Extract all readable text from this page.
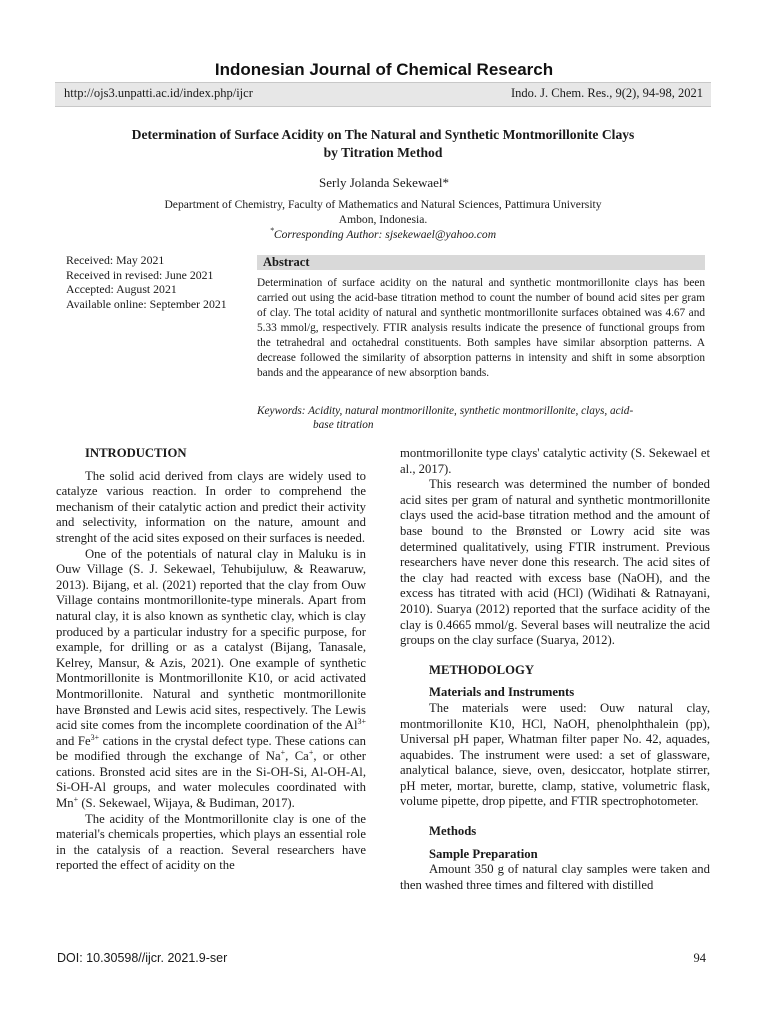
Indonesian Journal of Chemical Research
http://ojs3.unpatti.ac.id/index.php/ijcr	Indo. J. Chem. Res., 9(2), 94-98, 2021
Determination of Surface Acidity on The Natural and Synthetic Montmorillonite Clays
by Titration Method
Serly Jolanda Sekewael*
Department of Chemistry, Faculty of Mathematics and Natural Sciences, Pattimura University
Ambon, Indonesia.
*Corresponding Author: sjsekewael@yahoo.com
Received: May 2021
Received in revised: June 2021
Accepted: August 2021
Available online: September 2021
Abstract
Determination of surface acidity on the natural and synthetic montmorillonite clays has been carried out using the acid-base titration method to count the number of bound acid sites per gram of clay. The total acidity of natural and synthetic montmorillonite surfaces obtained was 4.67 and 5.33 mmol/g, respectively. FTIR analysis results indicate the presence of functional groups from the tetrahedral and octahedral constituents. Both samples have similar absorption patterns. A decrease followed the similarity of absorption patterns in intensity and shift in some absorption bands and the appearance of new absorption bands.
Keywords: Acidity, natural montmorillonite, synthetic montmorillonite, clays, acid-
base titration

INTRODUCTION

The solid acid derived from clays are widely used to catalyze various reaction. In order to comprehend the mechanism of their catalytic action and predict their activity and selectivity, information on the nature, amount and strenght of the acid sites exposed on their surfaces is needed.

One of the potentials of natural clay in Maluku is in Ouw Village (S. J. Sekewael, Tehubijuluw, & Reawaruw, 2013). Bijang, et al. (2021) reported that the clay from Ouw Village contains montmorillonite-type minerals. Apart from natural clay, it is also known as synthetic clay, which is clay produced by a particular industry for a specific purpose, for example, for drilling or as a catalyst (Bijang, Tanasale, Kelrey, Mansur, & Azis, 2021). One example of synthetic Montmorillonite is Montmorillonite K10, or acid activated Montmorillonite. Natural and synthetic montmorillonite have Brønsted and Lewis acid sites, respectively. The Lewis acid site comes from the incomplete coordination of the $Al^{3+}$ and $Fe^{3+}$ cations in the crystal defect type. These cations can be modified through the exchange of Na+, Ca+, or other cations. Bronsted acid sites are in the Si-OH-Si, Al-OH-Al, Si-OH-Al groups, and water molecules coordinated with Mn+ (S. Sekewael, Wijaya, & Budiman, 2017).

The acidity of the Montmorillonite clay is one of the material's chemicals properties, which plays an essential role in the catalysis of a reaction. Several researchers have reported the effect of acidity on the

montmorillonite type clays' catalytic activity (S. Sekewael et al., 2017).

This research was determined the number of bonded acid sites per gram of natural and synthetic montmorillonite clays used the acid-base titration method and the amount of base bound to the Brønsted or Lowry acid site was determined qualitatively, using FTIR instrument. Previous researchers have never done this research. The acid sites of the clay had reacted with excess base (NaOH), and the excess has titrated with acid (HCl) (Widihati & Ratnayani, 2010). Suarya (2012) reported that the surface acidity of the clay is 0.4665 mmol/g. Several bases will neutralize the acid groups on the clay surface (Suarya, 2012).

METHODOLOGY

Materials and Instruments

The materials were used: Ouw natural clay, montmorillonite K10, HCl, NaOH, phenolphthalein (pp), Universal pH paper, Whatman filter paper No. 42, aquades, aquabides. The instrument were used: a set of glassware, analytical balance, sieve, oven, desiccator, hotplate stirrer, pH meter, mortar, burette, clamp, stative, volumetric flask, volume pipette, drop pipette, and FTIR spectrophotometer.

Methods

Sample Preparation

Amount 350 g of natural clay samples were taken and then washed three times and filtered with distilled

DOI: 10.30598//ijcr. 2021.9-ser	94
